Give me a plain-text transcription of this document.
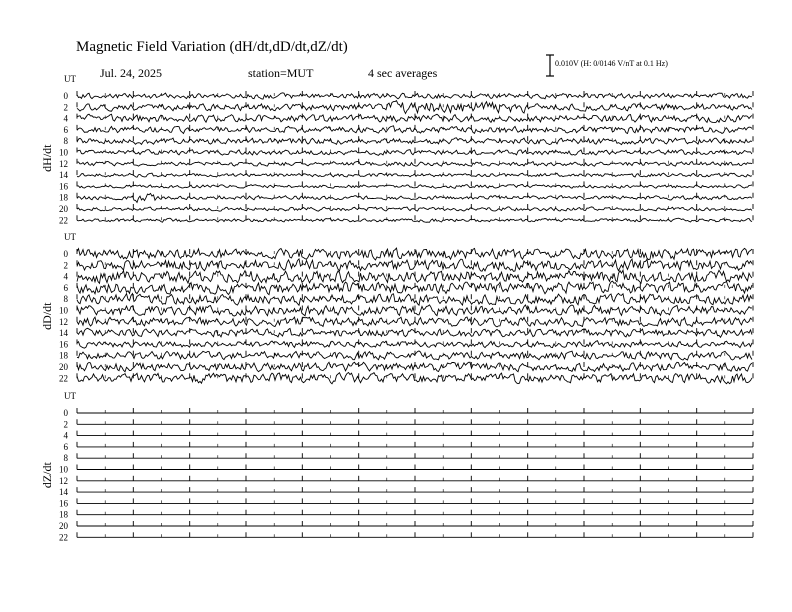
Magnetic Field Variation (dH/dt,dD/dt,dZ/dt)
Jul. 24, 2025	station=MUT	4 sec averages
0.010V (H: 0/0146 V/nT at 0.1 Hz)
UT
dH/dt
0
2
4
6
8
10
12
14
16
18
20
22
UT
dD/dt
0
2
4
6
8
10
12
14
16
18
20
22
UT
dZ/dt
0
2
4
6
8
10
12
14
16
18
20
22
